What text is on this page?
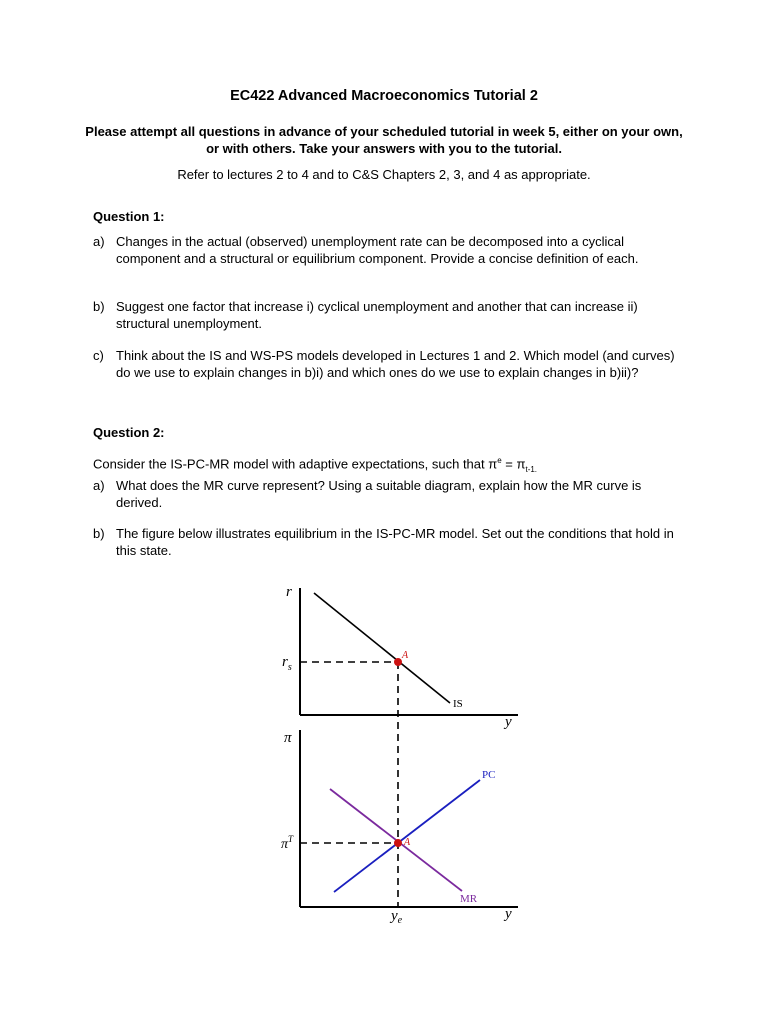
EC422 Advanced Macroeconomics Tutorial 2
Please attempt all questions in advance of your scheduled tutorial in week 5, either on your own, or with others. Take your answers with you to the tutorial.
Refer to lectures 2 to 4 and to C&S Chapters 2, 3, and 4 as appropriate.
Question 1:
a) Changes in the actual (observed) unemployment rate can be decomposed into a cyclical component and a structural or equilibrium component. Provide a concise definition of each.
b) Suggest one factor that increase i) cyclical unemployment and another that can increase ii) structural unemployment.
c) Think about the IS and WS-PS models developed in Lectures 1 and 2. Which model (and curves) do we use to explain changes in b)i) and which ones do we use to explain changes in b)ii)?
Question 2:
Consider the IS-PC-MR model with adaptive expectations, such that $\pi^e = \pi_{t-1.}$
a) What does the MR curve represent? Using a suitable diagram, explain how the MR curve is derived.
b) The figure below illustrates equilibrium in the IS-PC-MR model. Set out the conditions that hold in this state.
r
$r_s$
A
IS
y
π
$\pi^T$	A
PC
MR
$y_e$	y
